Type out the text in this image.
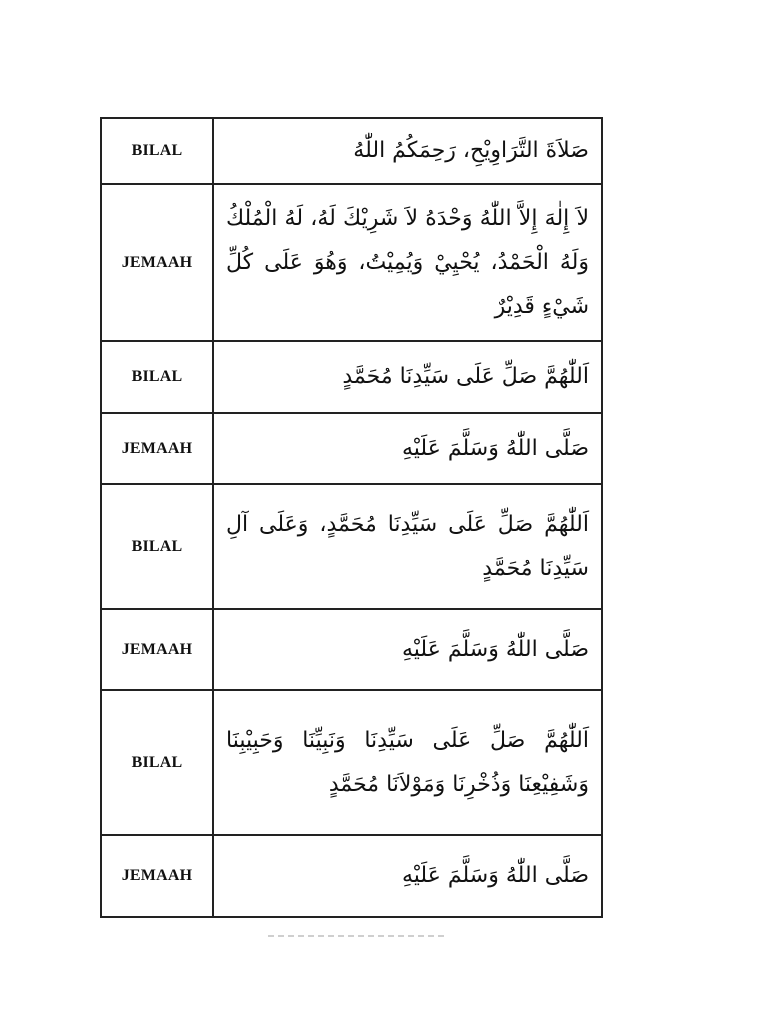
BILAL	صَلاَةَ التَّرَاوِيْحِ، رَحِمَكُمُ اللّٰهُ
JEMAAH	لاَ إِلٰهَ إِلاَّ اللّٰهُ وَحْدَهُ لاَ شَرِيْكَ لَهُ، لَهُ الْمُلْكُ وَلَهُ الْحَمْدُ، يُحْيِيْ وَيُمِيْتُ، وَهُوَ عَلَى كُلِّ شَيْءٍ قَدِيْرٌ
BILAL	اَللّٰهُمَّ صَلِّ عَلَى سَيِّدِنَا مُحَمَّدٍ
JEMAAH	صَلَّى اللّٰهُ وَسَلَّمَ عَلَيْهِ
BILAL	اَللّٰهُمَّ صَلِّ عَلَى سَيِّدِنَا مُحَمَّدٍ، وَعَلَى آلِ سَيِّدِنَا مُحَمَّدٍ
JEMAAH	صَلَّى اللّٰهُ وَسَلَّمَ عَلَيْهِ
BILAL	اَللّٰهُمَّ صَلِّ عَلَى سَيِّدِنَا وَنَبِيِّنَا وَحَبِيْبِنَا وَشَفِيْعِنَا وَذُخْرِنَا وَمَوْلاَنَا مُحَمَّدٍ
JEMAAH	صَلَّى اللّٰهُ وَسَلَّمَ عَلَيْهِ
